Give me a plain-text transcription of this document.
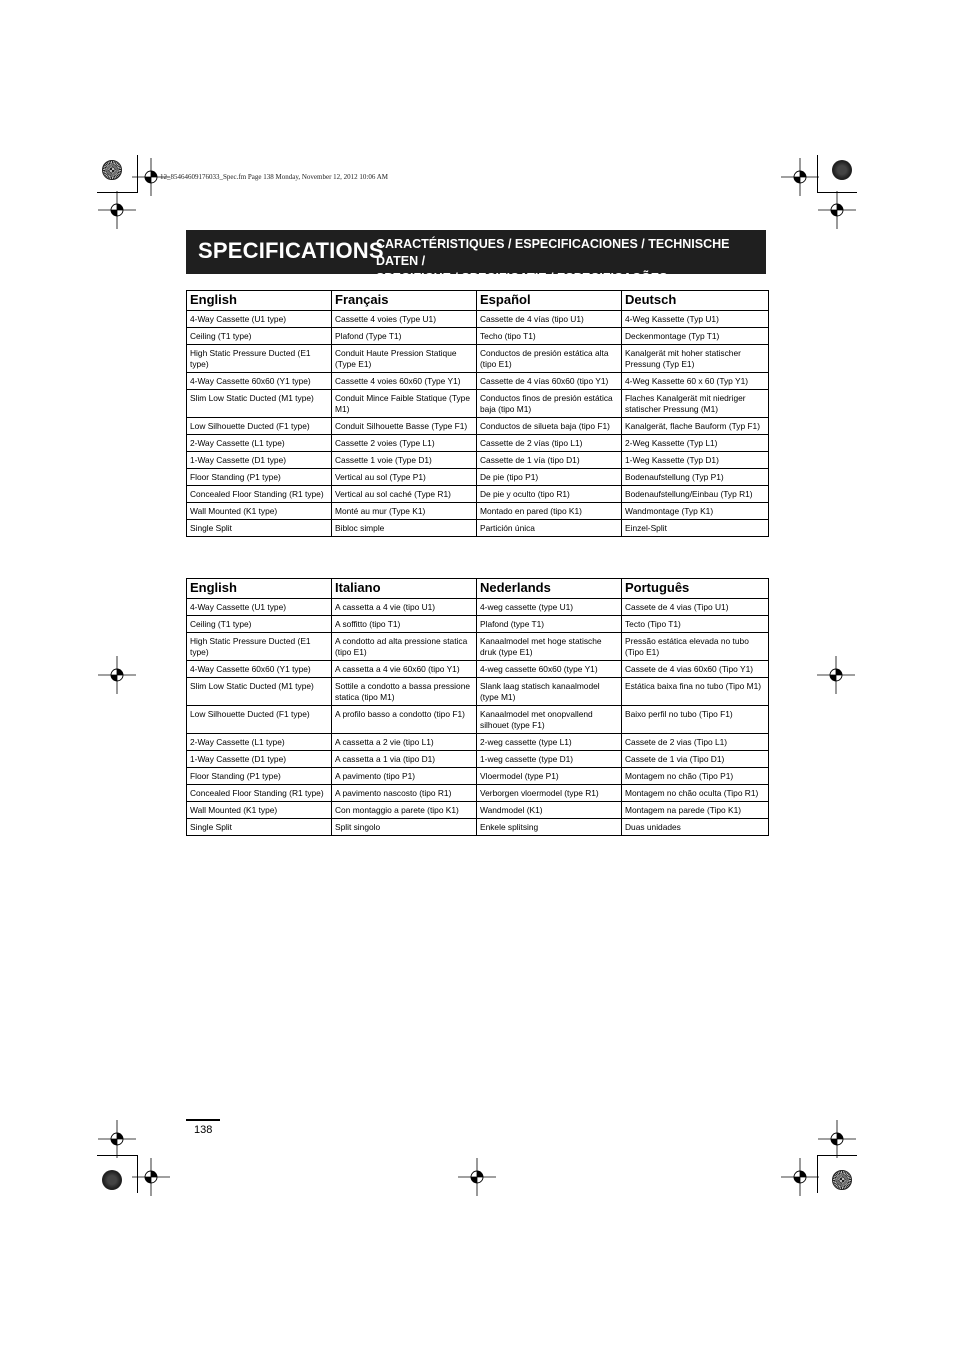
12_85464609176033_Spec.fm Page 138 Monday, November 12, 2012 10:06 AM
SPECIFICATIONS
CARACTÉRISTIQUES / ESPECIFICACIONES / TECHNISCHE DATEN /
SPECIFICHE / SPECIFICATIE / ESPECIFICAÇÕES
English	Français	Español	Deutsch
4-Way Cassette (U1 type)	Cassette 4 voies (Type U1)	Cassette de 4 vías (tipo U1)	4-Weg Kassette (Typ U1)
Ceiling (T1 type)	Plafond (Type T1)	Techo (tipo T1)	Deckenmontage (Typ T1)
High Static Pressure Ducted (E1 type)	Conduit Haute Pression Statique (Type E1)	Conductos de presión estática alta (tipo E1)	Kanalgerät mit hoher statischer Pressung (Typ E1)
4-Way Cassette 60x60 (Y1 type)	Cassette 4 voies 60x60 (Type Y1)	Cassette de 4 vías 60x60 (tipo Y1)	4-Weg Kassette 60 x 60 (Typ Y1)
Slim Low Static Ducted (M1 type)	Conduit Mince Faible Statique (Type M1)	Conductos finos de presión estática baja (tipo M1)	Flaches Kanalgerät mit niedriger statischer Pressung (M1)
Low Silhouette Ducted (F1 type)	Conduit Silhouette Basse (Type F1)	Conductos de silueta baja (tipo F1)	Kanalgerät, flache Bauform (Typ F1)
2-Way Cassette (L1 type)	Cassette 2 voies (Type L1)	Cassette de 2 vías (tipo L1)	2-Weg Kassette (Typ L1)
1-Way Cassette (D1 type)	Cassette 1 voie (Type D1)	Cassette de 1 vía (tipo D1)	1-Weg Kassette (Typ D1)
Floor Standing (P1 type)	Vertical au sol (Type P1)	De pie (tipo P1)	Bodenaufstellung (Typ P1)
Concealed Floor Standing (R1 type)	Vertical au sol caché (Type R1)	De pie y oculto (tipo R1)	Bodenaufstellung/Einbau (Typ R1)
Wall Mounted (K1 type)	Monté au mur (Type K1)	Montado en pared (tipo K1)	Wandmontage (Typ K1)
Single Split	Bibloc simple	Partición única	Einzel-Split
English	Italiano	Nederlands	Português
4-Way Cassette (U1 type)	A cassetta a 4 vie (tipo U1)	4-weg cassette (type U1)	Cassete de 4 vias (Tipo U1)
Ceiling (T1 type)	A soffitto (tipo T1)	Plafond (type T1)	Tecto (Tipo T1)
High Static Pressure Ducted (E1 type)	A condotto ad alta pressione statica (tipo E1)	Kanaalmodel met hoge statische druk (type E1)	Pressão estática elevada no tubo (Tipo E1)
4-Way Cassette 60x60 (Y1 type)	A cassetta a 4 vie 60x60 (tipo Y1)	4-weg cassette 60x60 (type Y1)	Cassete de 4 vias 60x60 (Tipo Y1)
Slim Low Static Ducted (M1 type)	Sottile a condotto a bassa pressione statica (tipo M1)	Slank laag statisch kanaalmodel (type M1)	Estática baixa fina no tubo (Tipo M1)
Low Silhouette Ducted (F1 type)	A profilo basso a condotto (tipo F1)	Kanaalmodel met onopvallend silhouet (type F1)	Baixo perfil no tubo (Tipo F1)
2-Way Cassette (L1 type)	A cassetta a 2 vie (tipo L1)	2-weg cassette (type L1)	Cassete de 2 vias (Tipo L1)
1-Way Cassette (D1 type)	A cassetta a 1 via (tipo D1)	1-weg cassette (type D1)	Cassete de 1 via (Tipo D1)
Floor Standing (P1 type)	A pavimento (tipo P1)	Vloermodel (type P1)	Montagem no chão (Tipo P1)
Concealed Floor Standing (R1 type)	A pavimento nascosto (tipo R1)	Verborgen vloermodel (type R1)	Montagem no chão oculta (Tipo R1)
Wall Mounted (K1 type)	Con montaggio a parete (tipo K1)	Wandmodel (K1)	Montagem na parede (Tipo K1)
Single Split	Split singolo	Enkele splitsing	Duas unidades
138
